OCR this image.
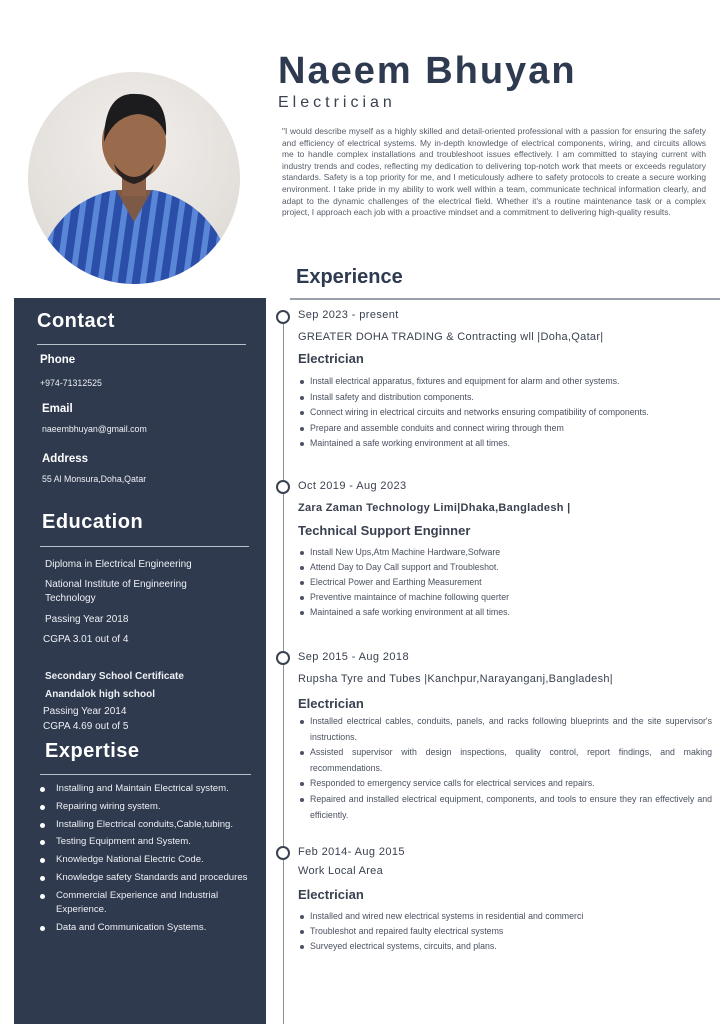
Naeem Bhuyan
Electrician
"I would describe myself as a highly skilled and detail-oriented professional with a passion for ensuring the safety and efficiency of electrical systems. My in-depth knowledge of electrical components, wiring, and circuits allows me to handle complex installations and troubleshoot issues effectively. I am committed to staying current with industry trends and codes, reflecting my dedication to delivering top-notch work that meets or exceeds regulatory standards. Safety is a top priority for me, and I meticulously adhere to safety protocols to create a secure working environment. I take pride in my ability to work well within a team, communicate technical information clearly, and adapt to the dynamic challenges of the electrical field. Whether it's a routine maintenance task or a complex project, I approach each job with a proactive mindset and a commitment to delivering high-quality results.
Contact
Phone
+974-71312525
Email
naeembhuyan@gmail.com
Address
55 Al Monsura,Doha,Qatar
Education
Diploma in Electrical Engineering
National Institute of Engineering Technology
Passing Year 2018
CGPA 3.01 out of 4
Secondary School Certificate
Anandalok high school
Passing Year 2014
CGPA 4.69 out of 5
Expertise
Installing and Maintain Electrical system.
Repairing wiring system.
Installing Electrical conduits,Cable,tubing.
Testing Equipment and System.
Knowledge National Electric Code.
Knowledge safety Standards and procedures
Commercial Experience and Industrial Experience.
Data and Communication Systems.
Experience
Sep 2023 - present
GREATER DOHA TRADING & Contracting wll |Doha,Qatar|
Electrician
Install electrical apparatus, fixtures and equipment for alarm and other systems.
Install safety and distribution components.
Connect wiring in electrical circuits and networks ensuring compatibility of components.
Prepare and assemble conduits and connect wiring through them
Maintained a safe working environment at all times.
Oct 2019 - Aug 2023
Zara Zaman Technology Limi|Dhaka,Bangladesh |
Technical Support Enginner
Install New Ups,Atm Machine Hardware,Sofware
Attend Day to Day Call support and Troubleshot.
Electrical Power and Earthing Measurement
Preventive maintaince of machine following querter
Maintained a safe working environment at all times.
Sep 2015 - Aug 2018
Rupsha Tyre and Tubes |Kanchpur,Narayanganj,Bangladesh|
Electrician
Installed electrical cables, conduits, panels, and racks following blueprints and the site supervisor's instructions.
Assisted supervisor with design inspections, quality control, report findings, and making recommendations.
Responded to emergency service calls for electrical services and repairs.
Repaired and installed electrical equipment, components, and tools to ensure they ran effectively and efficiently.
Feb 2014- Aug 2015
Work Local Area
Electrician
Installed and wired new electrical systems in residential and commerci
Troubleshot and repaired faulty electrical systems
Surveyed electrical systems, circuits, and plans.
